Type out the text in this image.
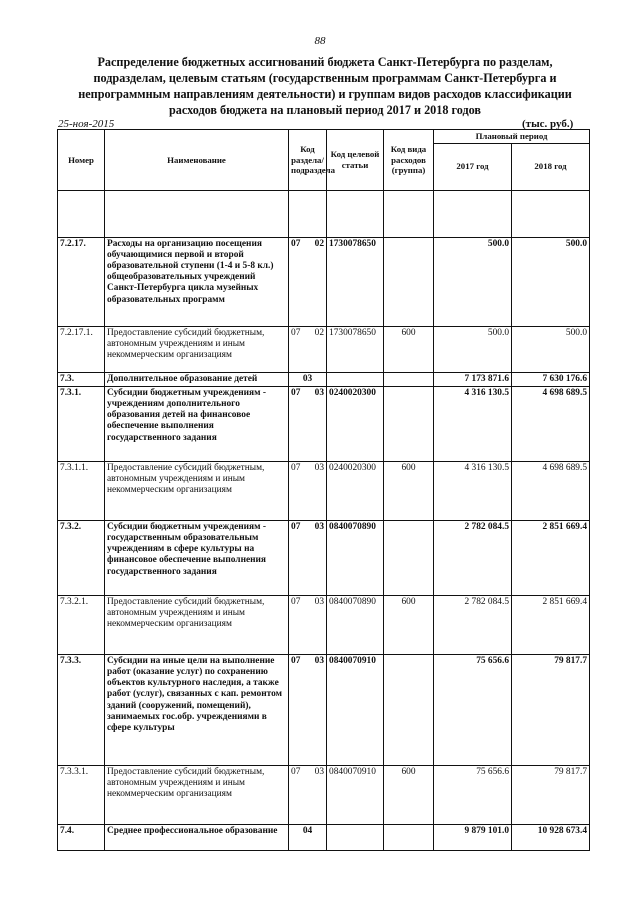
88
Распределение бюджетных ассигнований бюджета Санкт-Петербурга по разделам, подразделам, целевым статьям (государственным программам Санкт-Петербурга и непрограммным направлениям деятельности) и группам видов расходов классификации расходов бюджета на плановый период 2017 и 2018 годов
25-ноя-2015	(тыс. руб.)
Номер	Наименование	Код раздела/ подраздела	Код целевой статьи	Код вида расходов (группа)	Плановый период	
					2017 год	2018 год

7.2.17.	Расходы на организацию посещения обучающимися первой и второй образовательной ступени (1-4 и 5-8 кл.) общеобразовательных учреждений Санкт-Петербурга цикла музейных образовательных программ	07 02	1730078650		500.0	500.0
7.2.17.1.	Предоставление субсидий бюджетным, автономным учреждениям и иным некоммерческим организациям	07 02	1730078650	600	500.0	500.0
7.3.	Дополнительное образование детей	03			7 173 871.6	7 630 176.6
7.3.1.	Субсидии бюджетным учреждениям - учреждениям дополнительного образования детей на финансовое обеспечение выполнения государственного задания	07 03	0240020300		4 316 130.5	4 698 689.5
7.3.1.1.	Предоставление субсидий бюджетным, автономным учреждениям и иным некоммерческим организациям	07 03	0240020300	600	4 316 130.5	4 698 689.5
7.3.2.	Субсидии бюджетным учреждениям - государственным образовательным учреждениям в сфере культуры на финансовое обеспечение выполнения государственного задания	07 03	0840070890		2 782 084.5	2 851 669.4
7.3.2.1.	Предоставление субсидий бюджетным, автономным учреждениям и иным некоммерческим организациям	07 03	0840070890	600	2 782 084.5	2 851 669.4
7.3.3.	Субсидии на иные цели на выполнение работ (оказание услуг) по сохранению объектов культурного наследия, а также работ (услуг), связанных с кап. ремонтом зданий (сооружений, помещений), занимаемых гос.обр. учреждениями в сфере культуры	07 03	0840070910		75 656.6	79 817.7
7.3.3.1.	Предоставление субсидий бюджетным, автономным учреждениям и иным некоммерческим организациям	07 03	0840070910	600	75 656.6	79 817.7
7.4.	Среднее профессиональное образование	04			9 879 101.0	10 928 673.4
